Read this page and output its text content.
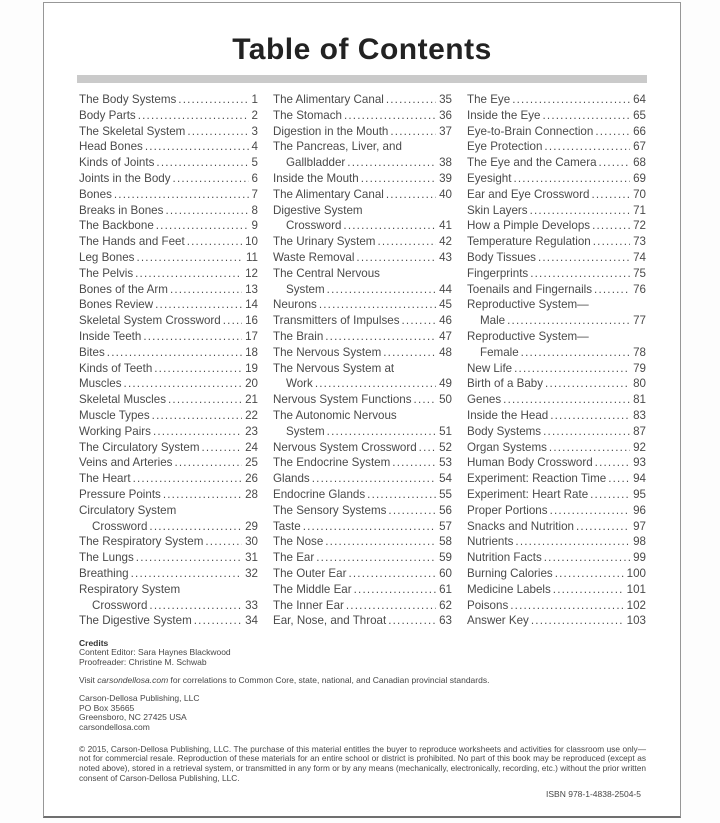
Table of Contents
The Body Systems .....	1
Body Parts .....	2
The Skeletal System .....	3
Head Bones .....	4
Kinds of Joints .....	5
Joints in the Body .....	6
Bones .....	7
Breaks in Bones .....	8
The Backbone .....	9
The Hands and Feet .....	10
Leg Bones .....	11
The Pelvis .....	12
Bones of the Arm .....	13
Bones Review .....	14
Skeletal System Crossword ..... 16
Inside Teeth .....	17
Bites .....	18
Kinds of Teeth .....	19
Muscles .....	20
Skeletal Muscles .....	21
Muscle Types .....	22
Working Pairs .....	23
The Circulatory System .....	24
Veins and Arteries .....	25
The Heart .....	26
Pressure Points .....	28
Circulatory System
Crossword .....	29
The Respiratory System .....	30
The Lungs .....	31
Breathing .....	32
Respiratory System
Crossword .....	33
The Digestive System .....	34
The Alimentary Canal .....	35
The Stomach .....	36
Digestion in the Mouth .....	37
The Pancreas, Liver, and
Gallbladder .....	38
Inside the Mouth .....	39
The Alimentary Canal .....	40
Digestive System
Crossword .....	41
The Urinary System .....	42
Waste Removal .....	43
The Central Nervous
System .....	44
Neurons .....	45
Transmitters of Impulses .....	46
The Brain .....	47
The Nervous System .....	48
The Nervous System at
Work .....	49
Nervous System Functions ..... 50
The Autonomic Nervous
System .....	51
Nervous System Crossword ..... 52
The Endocrine System .....	53
Glands .....	54
Endocrine Glands .....	55
The Sensory Systems .....	56
Taste .....	57
The Nose .....	58
The Ear .....	59
The Outer Ear .....	60
The Middle Ear .....	61
The Inner Ear .....	62
Ear, Nose, and Throat .....	63
The Eye .....	64
Inside the Eye .....	65
Eye-to-Brain Connection .....	66
Eye Protection .....	67
The Eye and the Camera .....	68
Eyesight .....	69
Ear and Eye Crossword .....	70
Skin Layers .....	71
How a Pimple Develops .....	72
Temperature Regulation .....	73
Body Tissues .....	74
Fingerprints .....	75
Toenails and Fingernails .....	76
Reproductive System—
Male .....	77
Reproductive System—
Female .....	78
New Life .....	79
Birth of a Baby .....	80
Genes .....	81
Inside the Head .....	83
Body Systems .....	87
Organ Systems .....	92
Human Body Crossword .....	93
Experiment: Reaction Time ..... 94
Experiment: Heart Rate .....	95
Proper Portions .....	96
Snacks and Nutrition .....	97
Nutrients .....	98
Nutrition Facts .....	99
Burning Calories .....	100
Medicine Labels .....	101
Poisons .....	102
Answer Key .....	103
Credits
Content Editor: Sara Haynes Blackwood
Proofreader: Christine M. Schwab

Visit carsondellosa.com for correlations to Common Core, state, national, and Canadian provincial standards.

Carson-Dellosa Publishing, LLC
PO Box 35665
Greensboro, NC 27425 USA
carsondellosa.com

© 2015, Carson-Dellosa Publishing, LLC. The purchase of this material entitles the buyer to reproduce worksheets and activities for classroom use only—not for commercial resale. Reproduction of these materials for an entire school or district is prohibited. No part of this book may be reproduced (except as noted above), stored in a retrieval system, or transmitted in any form or by any means (mechanically, electronically, recording, etc.) without the prior written consent of Carson-Dellosa Publishing, LLC.

ISBN 978-1-4838-2504-5
